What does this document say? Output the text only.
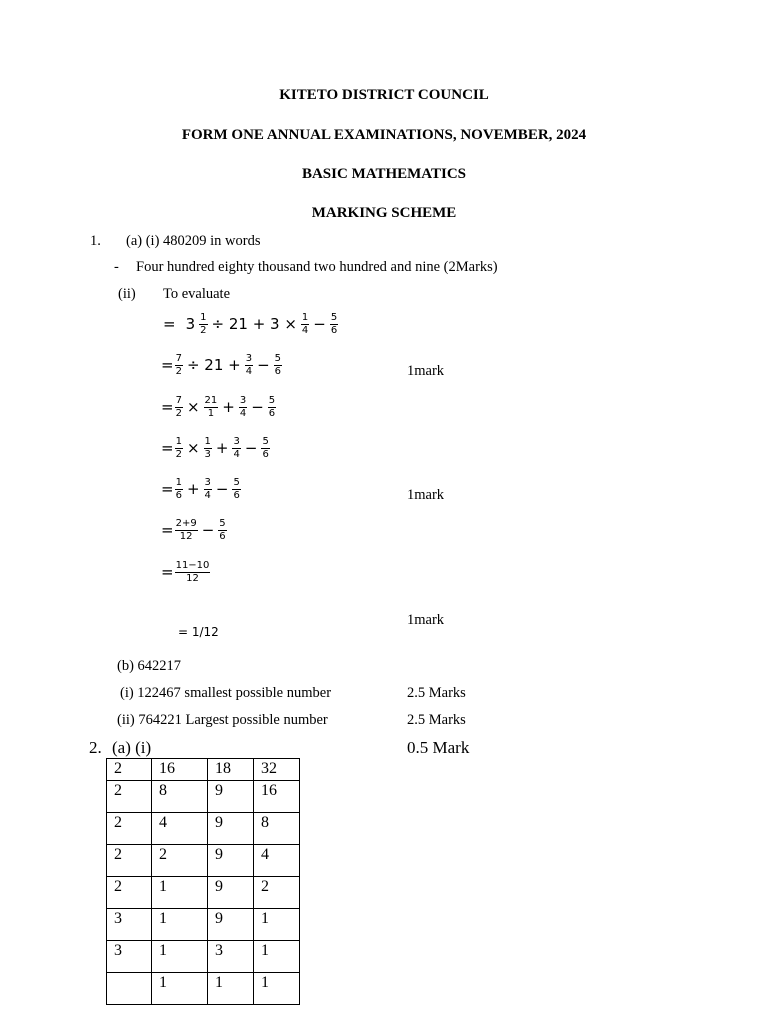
KITETO DISTRICT COUNCIL
FORM ONE ANNUAL EXAMINATIONS, NOVEMBER, 2024
BASIC MATHEMATICS
MARKING SCHEME
1. (a) (i) 480209 in words
- Four hundred eighty thousand two hundred and nine (2Marks)
(ii) To evaluate
= $3 \frac{1}{2} \div 21 + 3 \times \frac{1}{4} - \frac{5}{6}$
= $\frac{7}{2} \div 21 + \frac{3}{4} - \frac{5}{6}$	1mark
= $\frac{7}{2} \times \frac{21}{1} + \frac{3}{4} - \frac{5}{6}$
= $\frac{1}{2} \times \frac{1}{3} + \frac{3}{4} - \frac{5}{6}$
= $\frac{1}{6} + \frac{3}{4} - \frac{5}{6}$	1mark
= $\frac{2+9}{12} - \frac{5}{6}$
= $\frac{11-10}{12}$
1mark
= 1/12
(b) 642217
(i) 122467 smallest possible number	2.5 Marks
(ii) 764221 Largest possible number	2.5 Marks
2. (a) (i)	0.5 Mark
2	16	18	32
2	8	9	16
2	4	9	8
2	2	9	4
2	1	9	2
3	1	9	1
3	1	3	1
	1	1	1
